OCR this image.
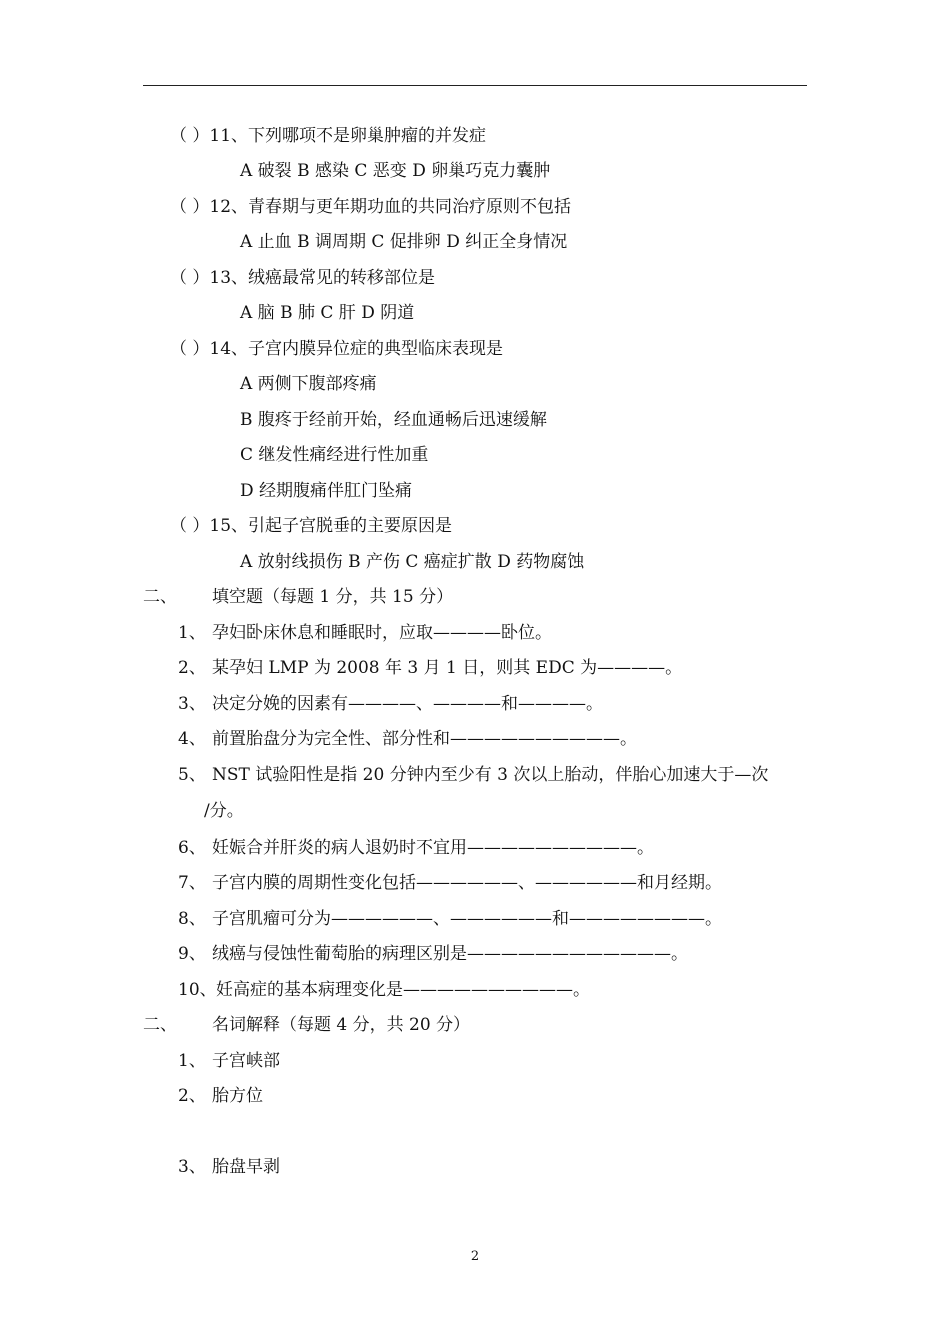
（ ）11、下列哪项不是卵巢肿瘤的并发症
A 破裂 B 感染 C 恶变 D 卵巢巧克力囊肿
（ ）12、青春期与更年期功血的共同治疗原则不包括
A 止血 B 调周期 C 促排卵 D 纠正全身情况
（ ）13、绒癌最常见的转移部位是
A 脑 B 肺 C 肝 D 阴道
（ ）14、子宫内膜异位症的典型临床表现是
A 两侧下腹部疼痛
B 腹疼于经前开始，经血通畅后迅速缓解
C 继发性痛经进行性加重
D 经期腹痛伴肛门坠痛
（ ）15、引起子宫脱垂的主要原因是
A 放射线损伤 B 产伤 C 癌症扩散 D 药物腐蚀
二、 填空题（每题 1 分，共 15 分）
1、 孕妇卧床休息和睡眠时，应取————卧位。
2、 某孕妇 LMP 为 2008 年 3 月 1 日，则其 EDC 为————。
3、 决定分娩的因素有————、————和————。
4、 前置胎盘分为完全性、部分性和——————————。
5、 NST 试验阳性是指 20 分钟内至少有 3 次以上胎动，伴胎心加速大于—次
/分。
6、 妊娠合并肝炎的病人退奶时不宜用——————————。
7、 子宫内膜的周期性变化包括——————、——————和月经期。
8、 子宫肌瘤可分为——————、——————和————————。
9、 绒癌与侵蚀性葡萄胎的病理区别是————————————。
10、 妊高症的基本病理变化是——————————。
二、 名词解释（每题 4 分，共 20 分）
1、 子宫峡部
2、 胎方位
3、 胎盘早剥
2
